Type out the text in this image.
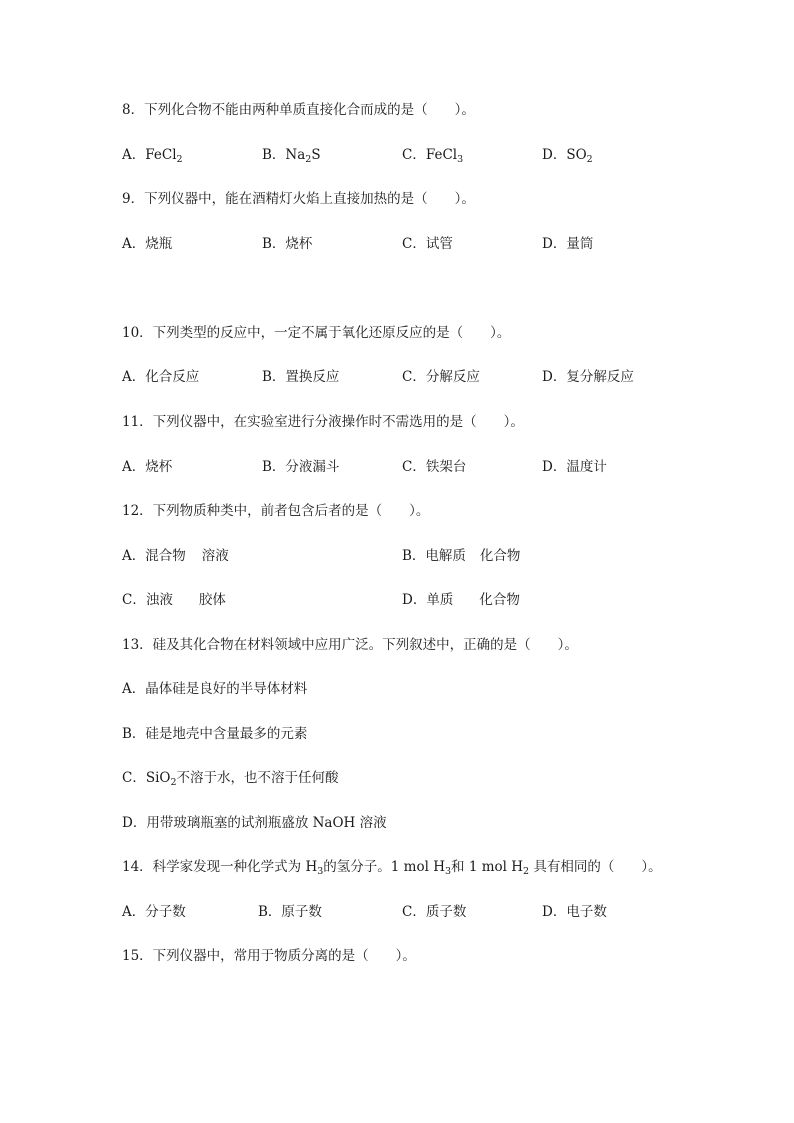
8．下列化合物不能由两种单质直接化合而成的是（　　）。
A．FeCl$_2$	B．$Na_2S$	C．FeCl$_3$	D．$SO_2$
9．下列仪器中，能在酒精灯火焰上直接加热的是（　　）。
A．烧瓶	B．烧杯	C．试管	D．量筒
10．下列类型的反应中，一定不属于氧化还原反应的是（　　）。
A．化合反应	B．置换反应	C．分解反应	D．复分解反应
11．下列仪器中，在实验室进行分液操作时不需选用的是（　　）。
A．烧杯	B．分液漏斗	C．铁架台	D．温度计
12．下列物质种类中，前者包含后者的是（　　）。
A．混合物 溶液	B．电解质 化合物
C．浊液 胶体	D．单质 化合物
13．硅及其化合物在材料领域中应用广泛。下列叙述中，正确的是（　　）。
A．晶体硅是良好的半导体材料
B．硅是地壳中含量最多的元素
C．SiO$_2$不溶于水，也不溶于任何酸
D．用带玻璃瓶塞的试剂瓶盛放 NaOH 溶液
14．科学家发现一种化学式为 $H_3$的氢分子。1 mol $H_3$和 1 mol $H_2$ 具有相同的（　　）。
A．分子数	B．原子数	C．质子数	D．电子数
15．下列仪器中，常用于物质分离的是（　　）。
